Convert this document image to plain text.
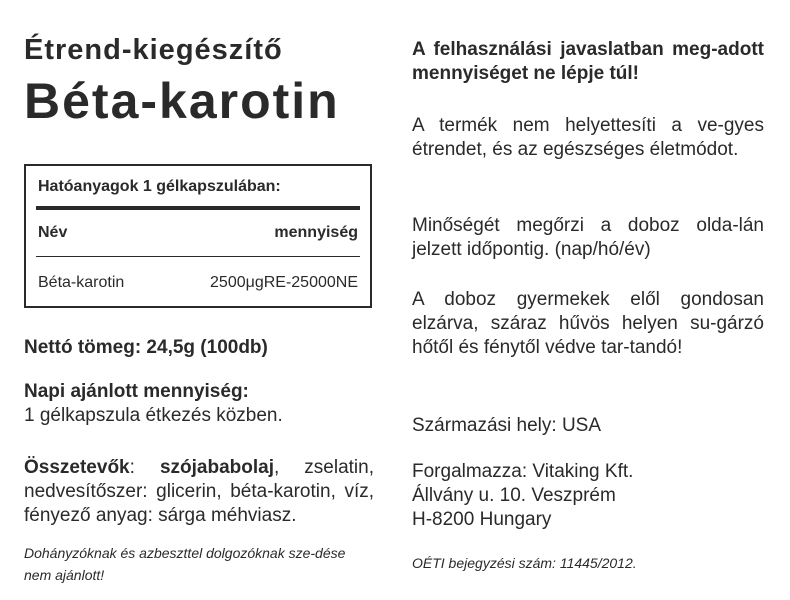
Étrend-kiegészítő
Béta-karotin
Hatóanyagok 1 gélkapszulában:
Név	mennyiség
Béta-karotin	2500μgRE-25000NE
Nettó tömeg: 24,5g (100db)
Napi ajánlott mennyiség:
1 gélkapszula étkezés közben.
Összetevők: szójababolaj, zselatin, nedvesítőszer: glicerin, béta-karotin, víz, fényező anyag: sárga méhviasz.
Dohányzóknak és azbeszttel dolgozóknak sze-dése nem ajánlott!
A felhasználási javaslatban meg-adott mennyiséget ne lépje túl!
A termék nem helyettesíti a ve-gyes étrendet, és az egészséges életmódot.
Minőségét megőrzi a doboz olda-lán jelzett időpontig. (nap/hó/év)
A doboz gyermekek elől gondosan elzárva, száraz hűvös helyen su-gárzó hőtől és fénytől védve tar-tandó!
Származási hely: USA
Forgalmazza: Vitaking Kft.
Állvány u. 10. Veszprém
H-8200 Hungary
OÉTI bejegyzési szám: 11445/2012.
